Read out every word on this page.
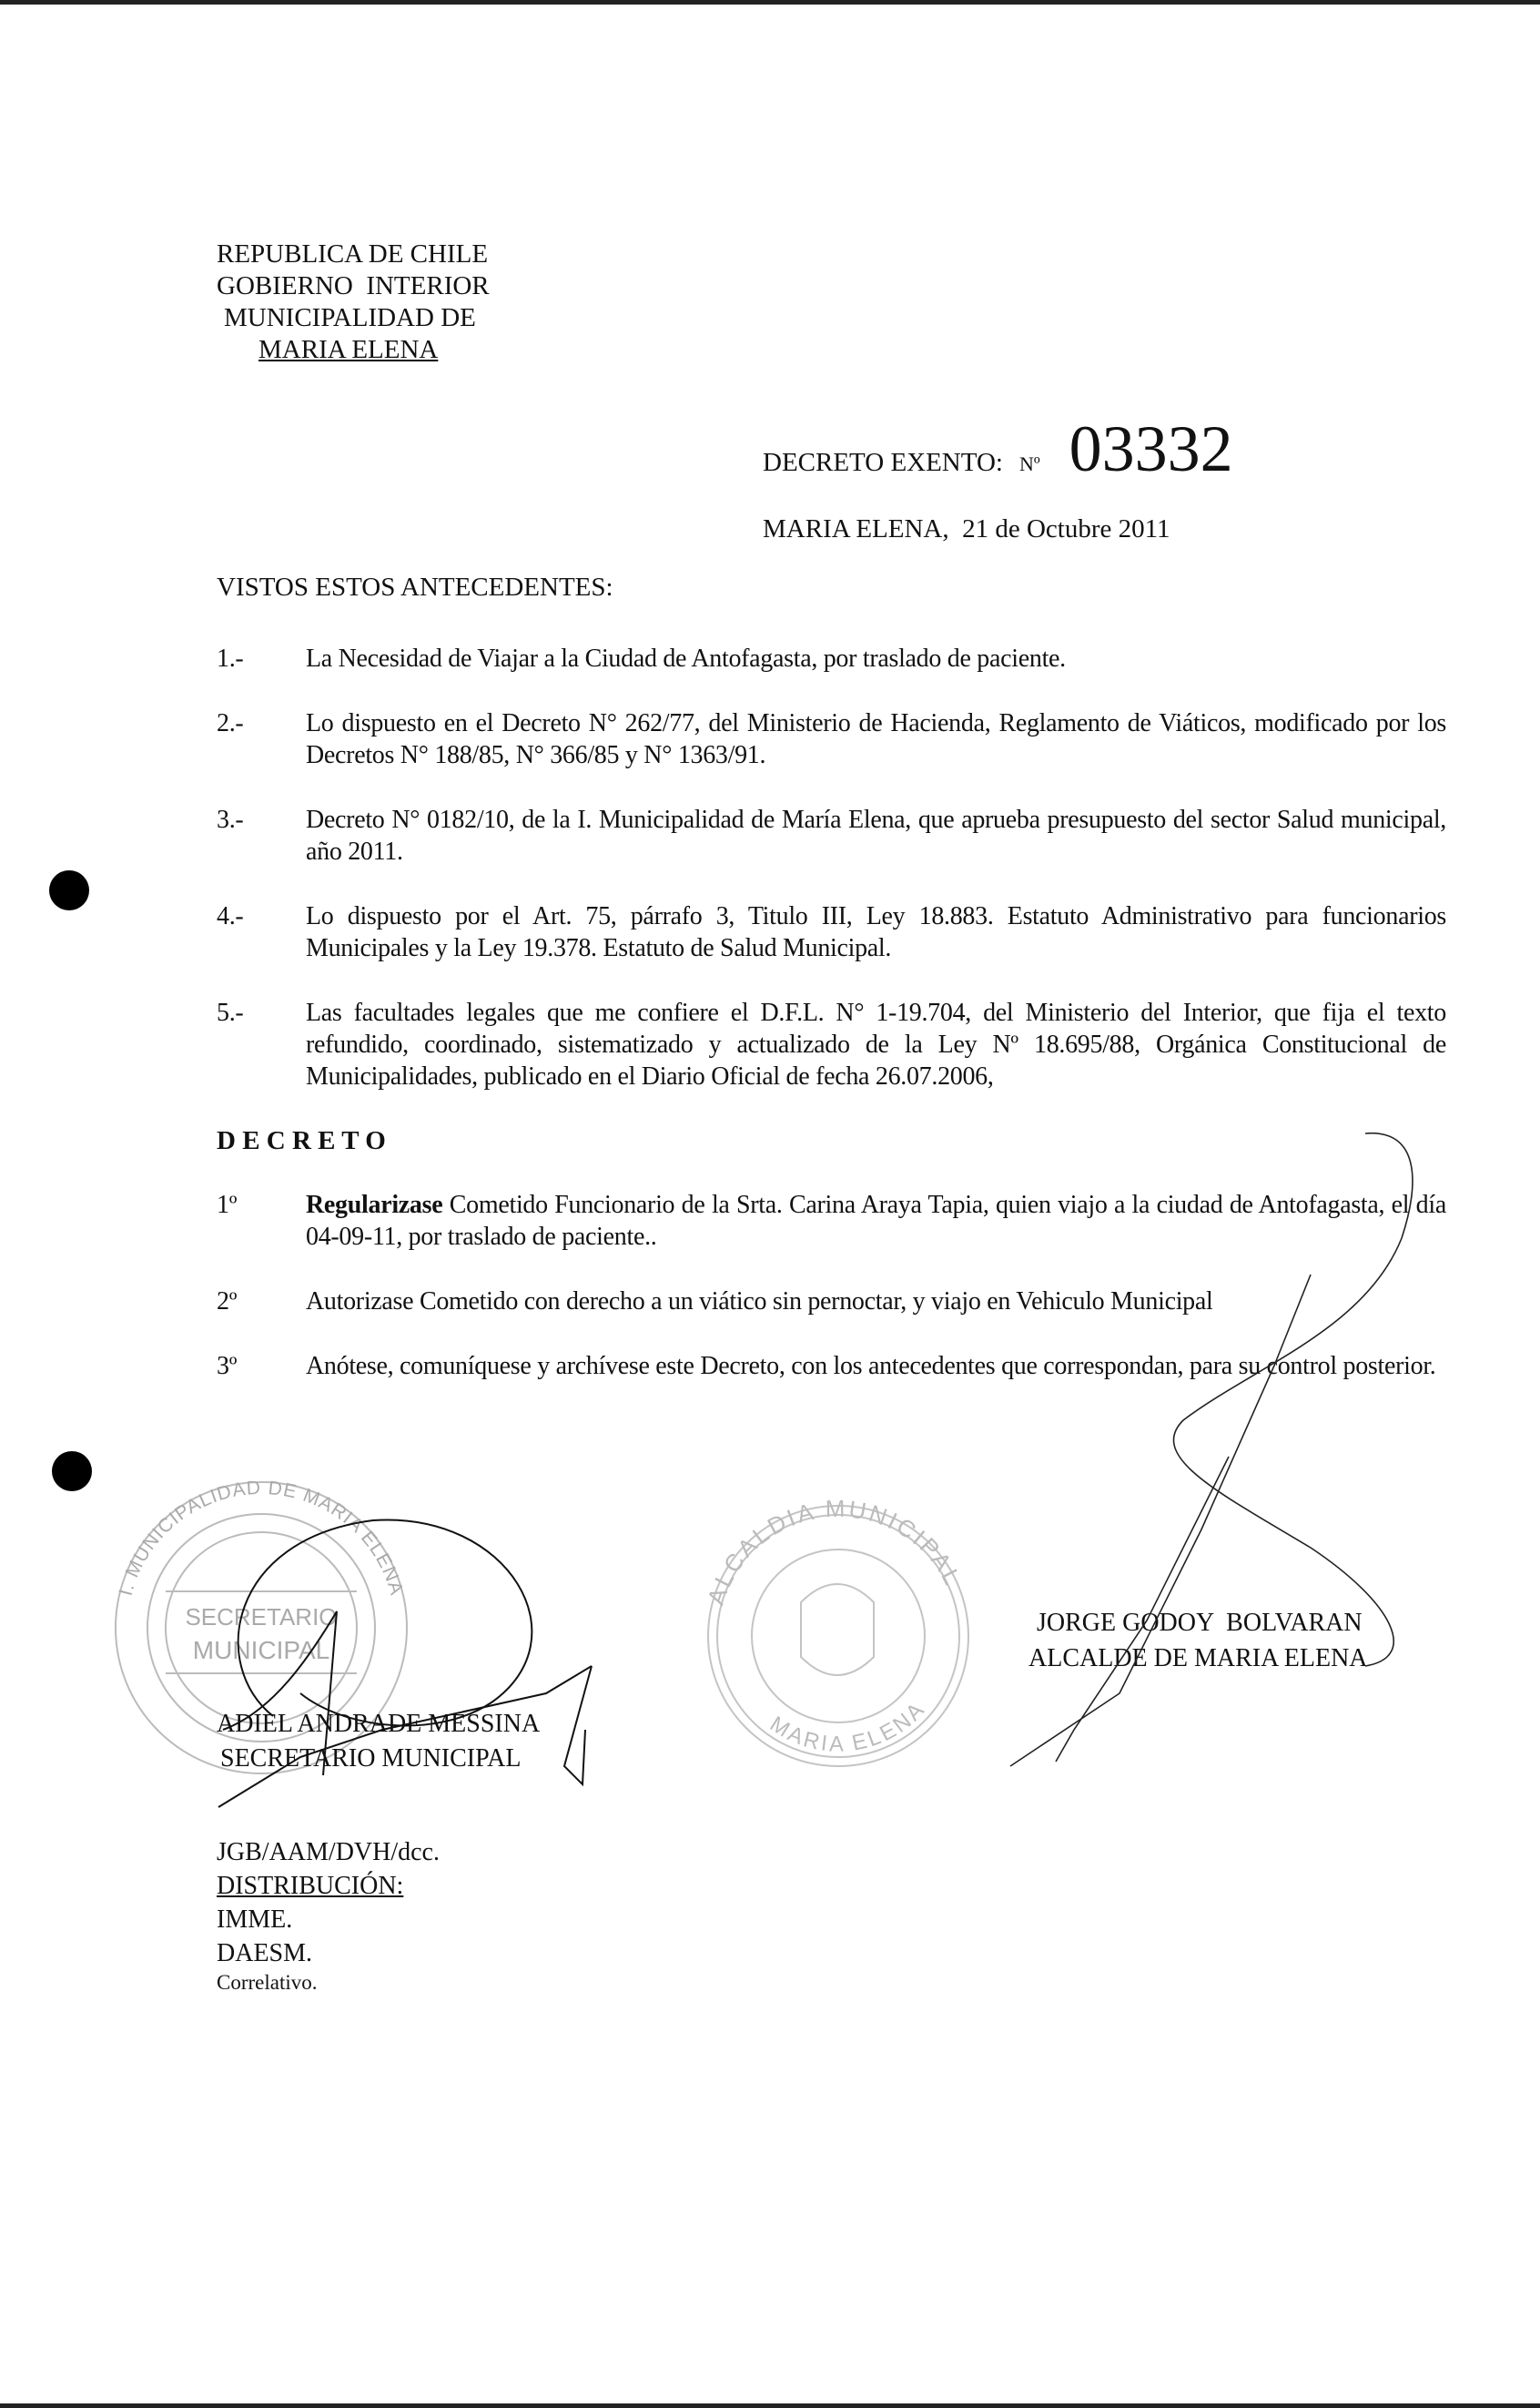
REPUBLICA DE CHILE
GOBIERNO  INTERIOR
MUNICIPALIDAD DE
MARIA ELENA
DECRETO EXENTO: Nº 03332
MARIA ELENA,  21 de Octubre 2011
VISTOS ESTOS ANTECEDENTES:
1.-	La Necesidad de Viajar a la Ciudad de Antofagasta, por traslado de paciente.
2.-	Lo dispuesto en el Decreto N° 262/77, del Ministerio de Hacienda, Reglamento de Viáticos, modificado por los Decretos N° 188/85, N° 366/85 y N° 1363/91.
3.-	Decreto N° 0182/10, de la I. Municipalidad de María Elena, que aprueba presupuesto del sector Salud municipal, año 2011.
4.-	Lo dispuesto por el Art. 75, párrafo 3, Titulo III, Ley 18.883. Estatuto Administrativo para funcionarios Municipales y la Ley 19.378. Estatuto de Salud Municipal.
5.-	Las facultades legales que me confiere el D.F.L. N° 1-19.704, del Ministerio del Interior, que fija el texto refundido, coordinado, sistematizado y actualizado de la Ley Nº 18.695/88, Orgánica Constitucional de Municipalidades, publicado en el Diario Oficial de fecha 26.07.2006,
D E C R E T O
1º	Regularizase Cometido Funcionario de la Srta. Carina Araya Tapia, quien viajo a la ciudad de Antofagasta, el día 04-09-11, por traslado de paciente..
2º	Autorizase Cometido con derecho a un viático sin pernoctar, y viajo en Vehiculo Municipal
3º	Anótese, comuníquese y archívese este Decreto, con los antecedentes que correspondan, para su control posterior.
I. MUNICIPALIDAD DE MARIA ELENA
SECRETARIO
MUNICIPAL
ALCALDIA MUNICIPAL
MARIA ELENA
ADIEL ANDRADE MESSINA
SECRETARIO MUNICIPAL
JORGE GODOY  BOLVARAN
ALCALDE DE MARIA ELENA
JGB/AAM/DVH/dcc.
DISTRIBUCIÓN:
IMME.
DAESM.
Correlativo.
